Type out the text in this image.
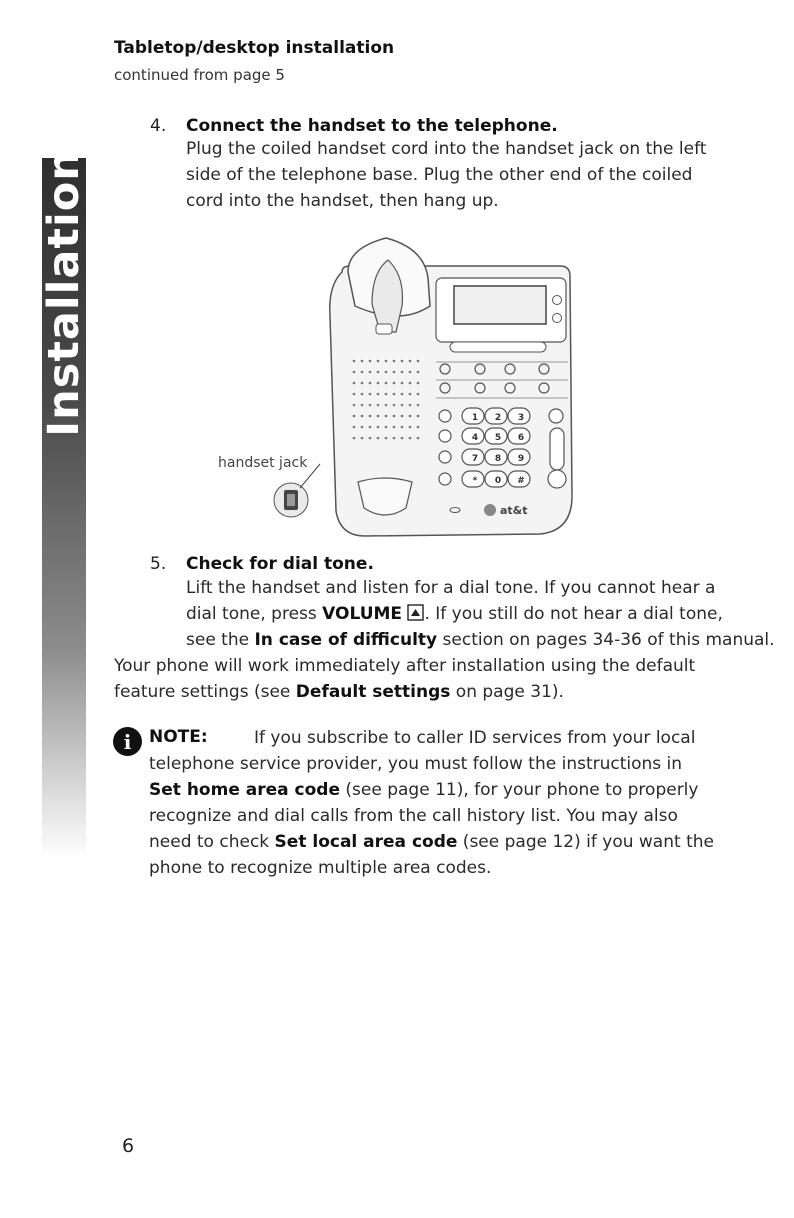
Installation
Tabletop/desktop installation
continued from page 5
4. Connect the handset to the telephone.
Plug the coiled handset cord into the handset jack on the left
side of the telephone base. Plug the other end of the coiled
cord into the handset, then hang up.
1 2 3
4 5 6
7 8 9
* 0 #
at&t
handset jack
5. Check for dial tone.
Lift the handset and listen for a dial tone. If you cannot hear a
dial tone, press VOLUME . If you still do not hear a dial tone,
see the In case of difficulty section on pages 34-36 of this manual.
Your phone will work immediately after installation using the default
feature settings (see Default settings on page 31).
i	NOTE:	If you subscribe to caller ID services from your local
telephone service provider, you must follow the instructions in
Set home area code (see page 11), for your phone to properly
recognize and dial calls from the call history list. You may also
need to check Set local area code (see page 12) if you want the
phone to recognize multiple area codes.
6
